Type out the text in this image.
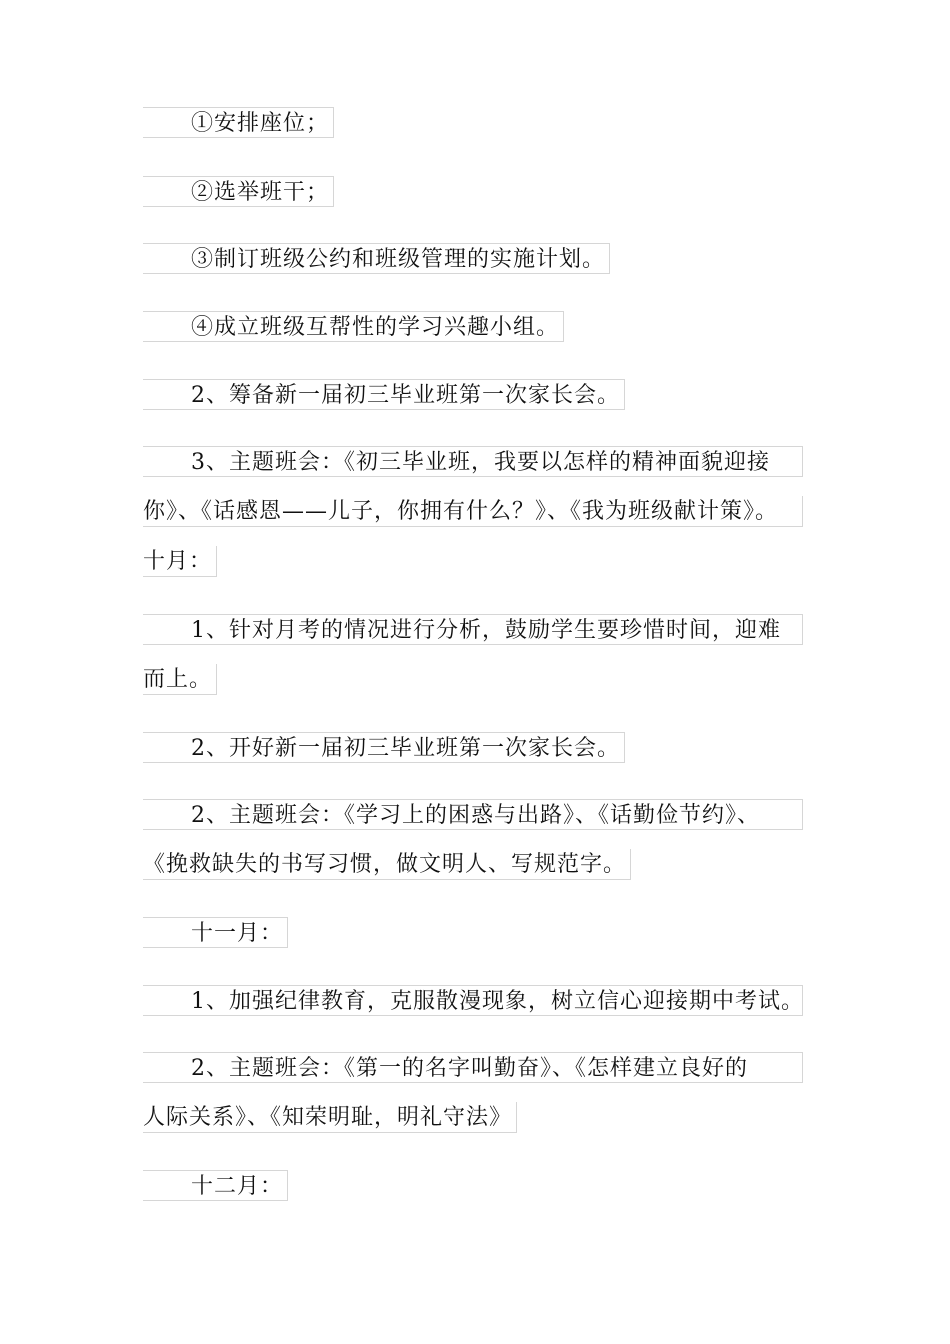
①安排座位；
②选举班干；
③制订班级公约和班级管理的实施计划。
④成立班级互帮性的学习兴趣小组。
2、筹备新一届初三毕业班第一次家长会。
3、主题班会：《初三毕业班，我要以怎样的精神面貌迎接
你》、《话感恩——儿子，你拥有什么？》、《我为班级献计策》。
十月：
1、针对月考的情况进行分析，鼓励学生要珍惜时间，迎难
而上。
2、开好新一届初三毕业班第一次家长会。
2、主题班会：《学习上的困惑与出路》、《话勤俭节约》、
《挽救缺失的书写习惯，做文明人、写规范字。
十一月：
1、加强纪律教育，克服散漫现象，树立信心迎接期中考试。
2、主题班会：《第一的名字叫勤奋》、《怎样建立良好的
人际关系》、《知荣明耻，明礼守法》
十二月：
